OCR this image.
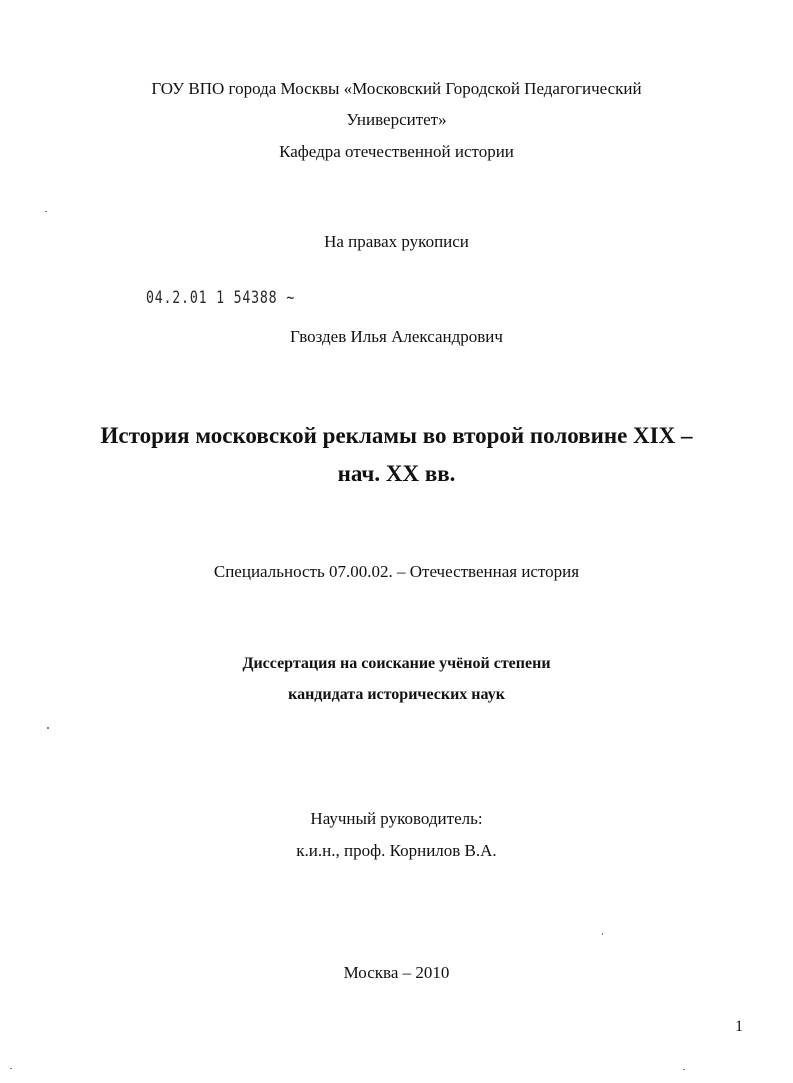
ГОУ ВПО города Москвы «Московский Городской Педагогический
Университет»
Кафедра отечественной истории
На правах рукописи
04.2.01 1 54388 ~
Гвоздев Илья Александрович
История московской рекламы во второй половине XIX –
нач. XX вв.
Специальность 07.00.02. – Отечественная история
Диссертация на соискание учёной степени
кандидата исторических наук
Научный руководитель:
к.и.н., проф. Корнилов В.А.
Москва – 2010
1
